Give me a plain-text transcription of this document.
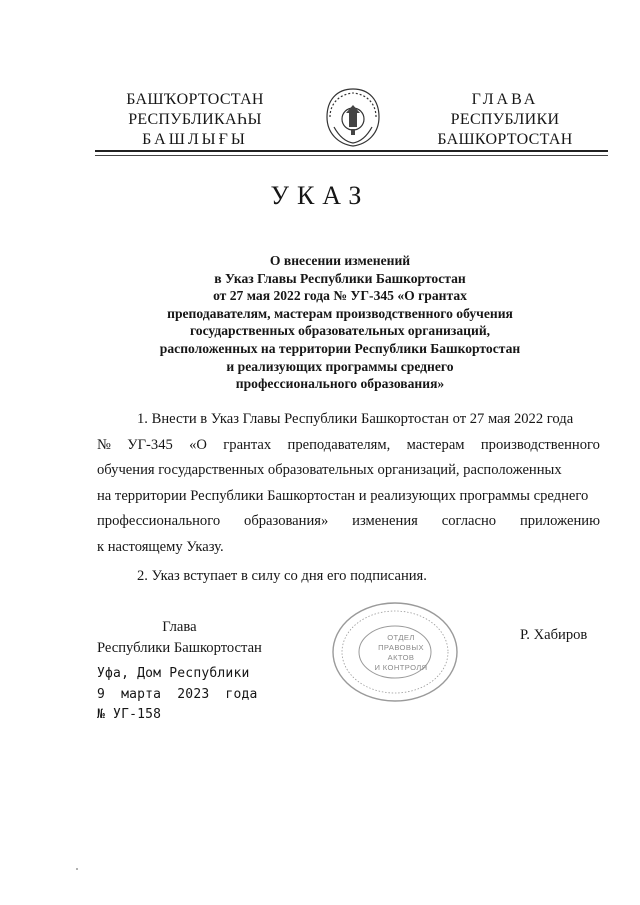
БАШҠОРТОСТАН
РЕСПУБЛИКАҺЫ
БАШЛЫҒЫ
ГЛАВА
РЕСПУБЛИКИ
БАШКОРТОСТАН
УКАЗ
О внесении изменений
в Указ Главы Республики Башкортостан
от 27 мая 2022 года № УГ-345 «О грантах
преподавателям, мастерам производственного обучения
государственных образовательных организаций,
расположенных на территории Республики Башкортостан
и реализующих программы среднего
профессионального образования»
1. Внести в Указ Главы Республики Башкортостан от 27 мая 2022 года
№ УГ-345 «О грантах преподавателям, мастерам производственного
обучения государственных образовательных организаций, расположенных
на территории Республики Башкортостан и реализующих программы среднего
профессионального образования» изменения согласно приложению
к настоящему Указу.
2. Указ вступает в силу со дня его подписания.
Глава
Республики Башкортостан
ОТДЕЛ
ПРАВОВЫХ АКТОВ
И КОНТРОЛЯ
Р. Хабиров
Уфа, Дом Республики
9  марта  2023  года
№ УГ-158
